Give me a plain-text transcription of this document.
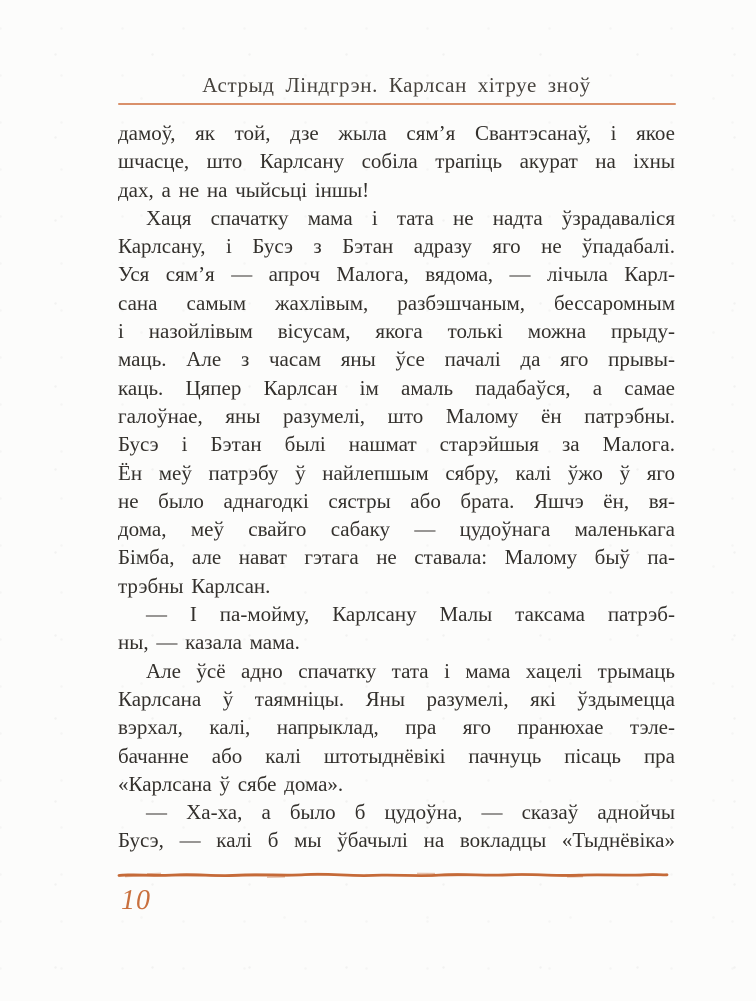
Астрыд Ліндгрэн. Карлсан хітруе зноў
дамоў, як той, дзе жыла сям’я Свантэсанаў, і якое
шчасце, што Карлсану собіла трапіць акурат на іхны
дах, а не на чыйсьці іншы!
Хаця спачатку мама і тата не надта ўзрадаваліся
Карлсану, і Бусэ з Бэтан адразу яго не ўпадабалі.
Уся сям’я — апроч Малога, вядома, — лічыла Карл-
сана самым жахлівым, разбэшчаным, бессаромным
і назойлівым вісусам, якога толькі можна прыду-
маць. Але з часам яны ўсе пачалі да яго прывы-
каць. Цяпер Карлсан ім амаль падабаўся, а самае
галоўнае, яны разумелі, што Малому ён патрэбны.
Бусэ і Бэтан былі нашмат старэйшыя за Малога.
Ён меў патрэбу ў найлепшым сябру, калі ўжо ў яго
не было аднагодкі сястры або брата. Яшчэ ён, вя-
дома, меў свайго сабаку — цудоўнага маленькага
Бімба, але нават гэтага не ставала: Малому быў па-
трэбны Карлсан.
— І па-мойму, Карлсану Малы таксама патрэб-
ны, — казала мама.
Але ўсё адно спачатку тата і мама хацелі трымаць
Карлсана ў таямніцы. Яны разумелі, які ўздымецца
вэрхал, калі, напрыклад, пра яго пранюхае тэле-
бачанне або калі штотыднёвікі пачнуць пісаць пра
«Карлсана ў сябе дома».
— Ха-ха, а было б цудоўна, — сказаў аднойчы
Бусэ, — калі б мы ўбачылі на вокладцы «Тыднёвіка»
10
